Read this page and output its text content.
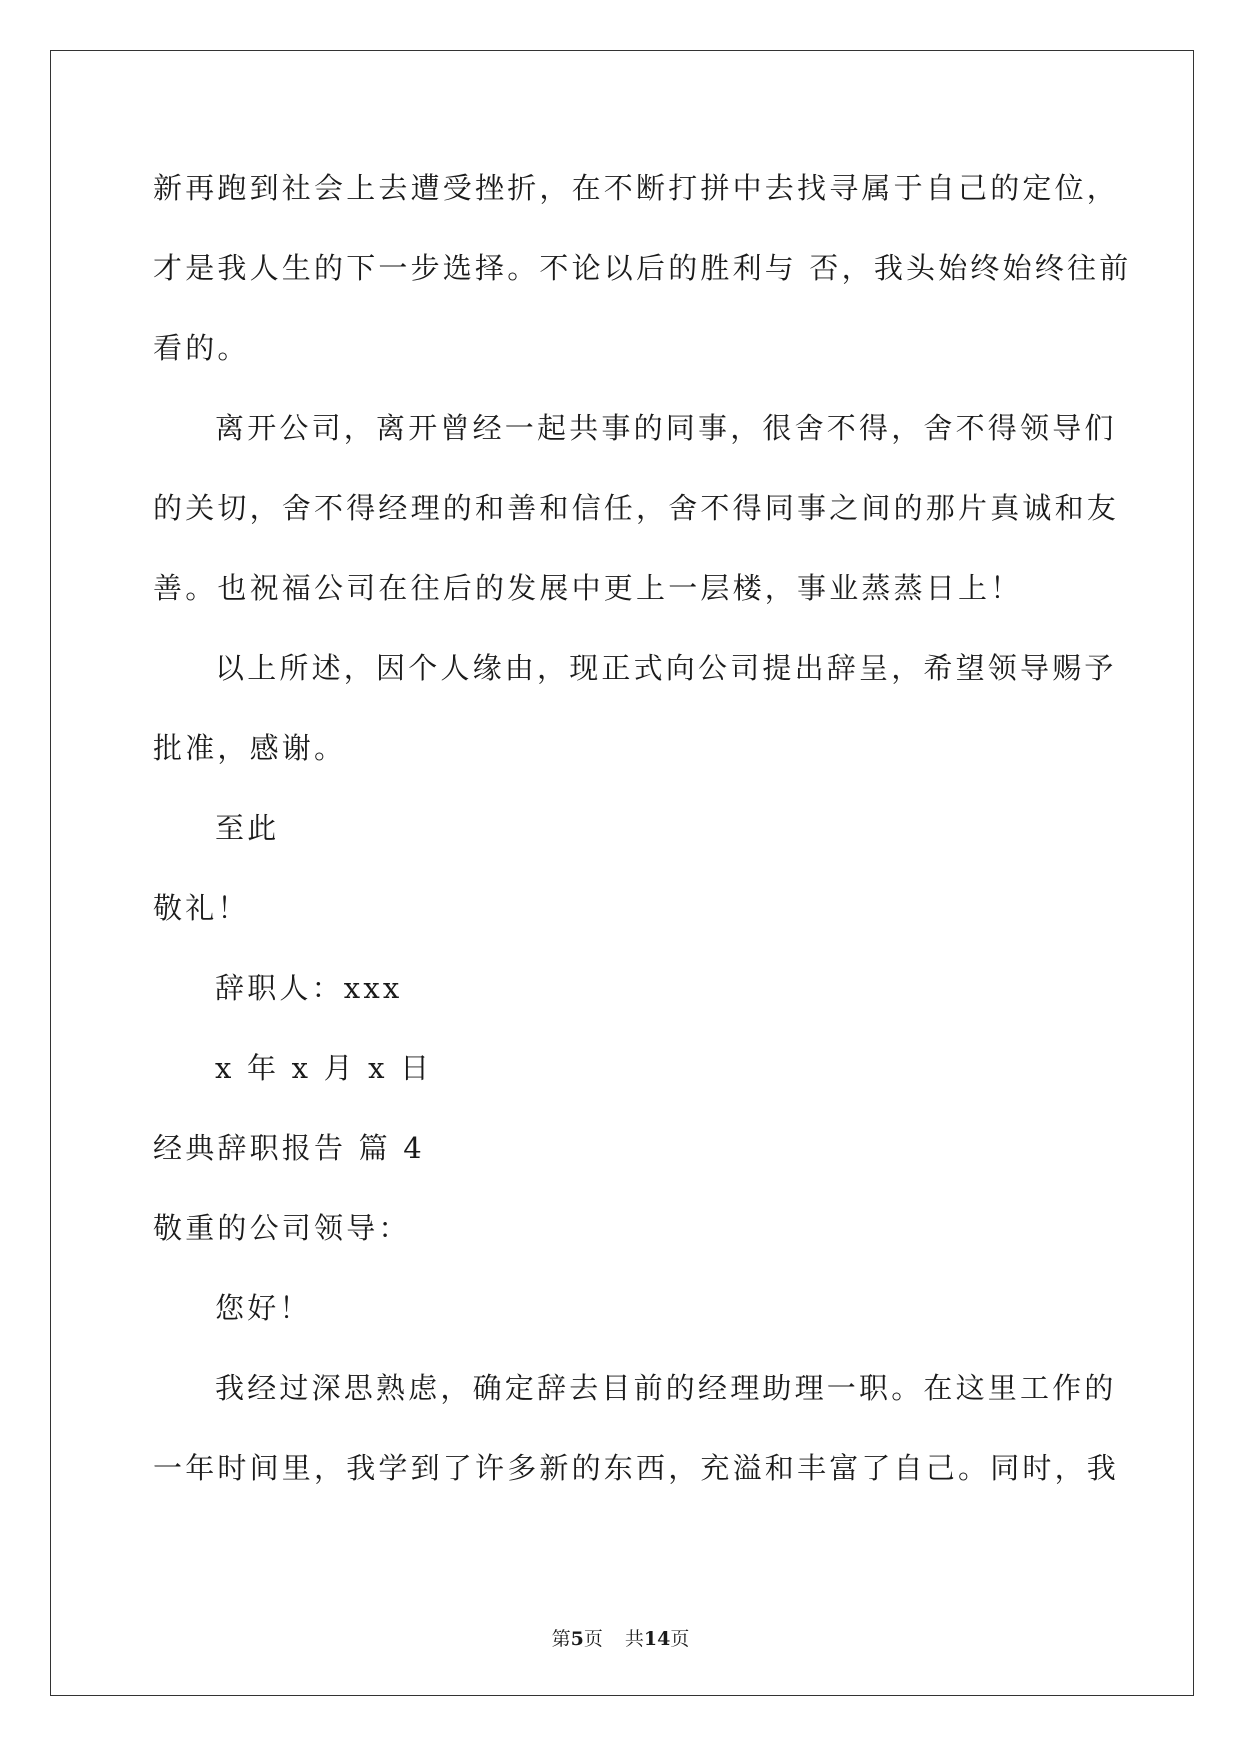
新再跑到社会上去遭受挫折，在不断打拼中去找寻属于自己的定位，
才是我人生的下一步选择。不论以后的胜利与 否，我头始终始终往前
看的。
离开公司，离开曾经一起共事的同事，很舍不得，舍不得领导们
的关切，舍不得经理的和善和信任，舍不得同事之间的那片真诚和友
善。也祝福公司在往后的发展中更上一层楼，事业蒸蒸日上！
以上所述，因个人缘由，现正式向公司提出辞呈，希望领导赐予
批准，感谢。
至此
敬礼！
辞职人：xxx
x 年 x 月 x 日
经典辞职报告 篇 4
敬重的公司领导：
您好！
我经过深思熟虑，确定辞去目前的经理助理一职。在这里工作的
一年时间里，我学到了许多新的东西，充溢和丰富了自己。同时，我
第5页 共14页
